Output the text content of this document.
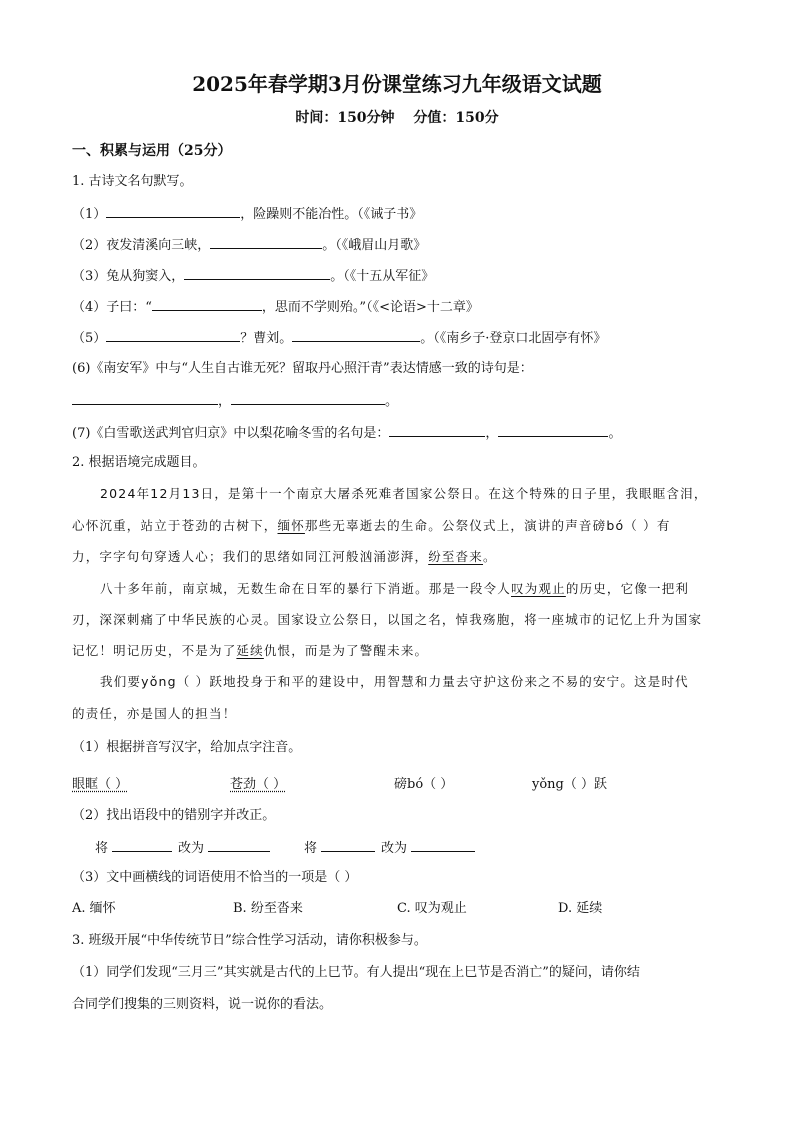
2025年春学期3月份课堂练习九年级语文试题
时间：150分钟 分值：150分
一、积累与运用（25分）
1. 古诗文名句默写。
（1）	，险躁则不能冶性。（《诫子书》
（2）夜发清溪向三峡，	。（《峨眉山月歌》
（3）兔从狗窦入，	。（《十五从军征》
（4）子曰：“	，思而不学则殆。”（《<论语>十二章》
（5）	？曹刘。	。（《南乡子·登京口北固亭有怀》
(6)《南安军》中与“人生自古谁无死？留取丹心照汗青”表达情感一致的诗句是：
，	。
(7)《白雪歌送武判官归京》中以梨花喻冬雪的名句是：	，	。
2. 根据语境完成题目。
2024年12月13日，是第十一个南京大屠杀死难者国家公祭日。在这个特殊的日子里，我眼眶含泪，
心怀沉重，站立于苍劲的古树下，缅怀那些无辜逝去的生命。公祭仪式上，演讲的声音磅bó（ ）有
力，字字句句穿透人心；我们的思绪如同江河般汹涌澎湃，纷至沓来。
八十多年前，南京城，无数生命在日军的暴行下消逝。那是一段令人叹为观止的历史，它像一把利
刃，深深刺痛了中华民族的心灵。国家设立公祭日，以国之名，悼我殇胞，将一座城市的记忆上升为国家
记忆！明记历史，不是为了延续仇恨，而是为了警醒未来。
我们要yǒng（ ）跃地投身于和平的建设中，用智慧和力量去守护这份来之不易的安宁。这是时代
的责任，亦是国人的担当！
（1）根据拼音写汉字，给加点字注音。
眼眶（ ）	苍劲（ ）	磅bó（ ）	yǒng（ ）跃
（2）找出语段中的错别字并改正。
将	改为	将	改为
（3）文中画横线的词语使用不恰当的一项是（ ）
A. 缅怀	B. 纷至沓来	C. 叹为观止	D. 延续
3. 班级开展“中华传统节日”综合性学习活动，请你积极参与。
（1）同学们发现“三月三”其实就是古代的上巳节。有人提出“现在上巳节是否消亡”的疑问，请你结
合同学们搜集的三则资料，说一说你的看法。
